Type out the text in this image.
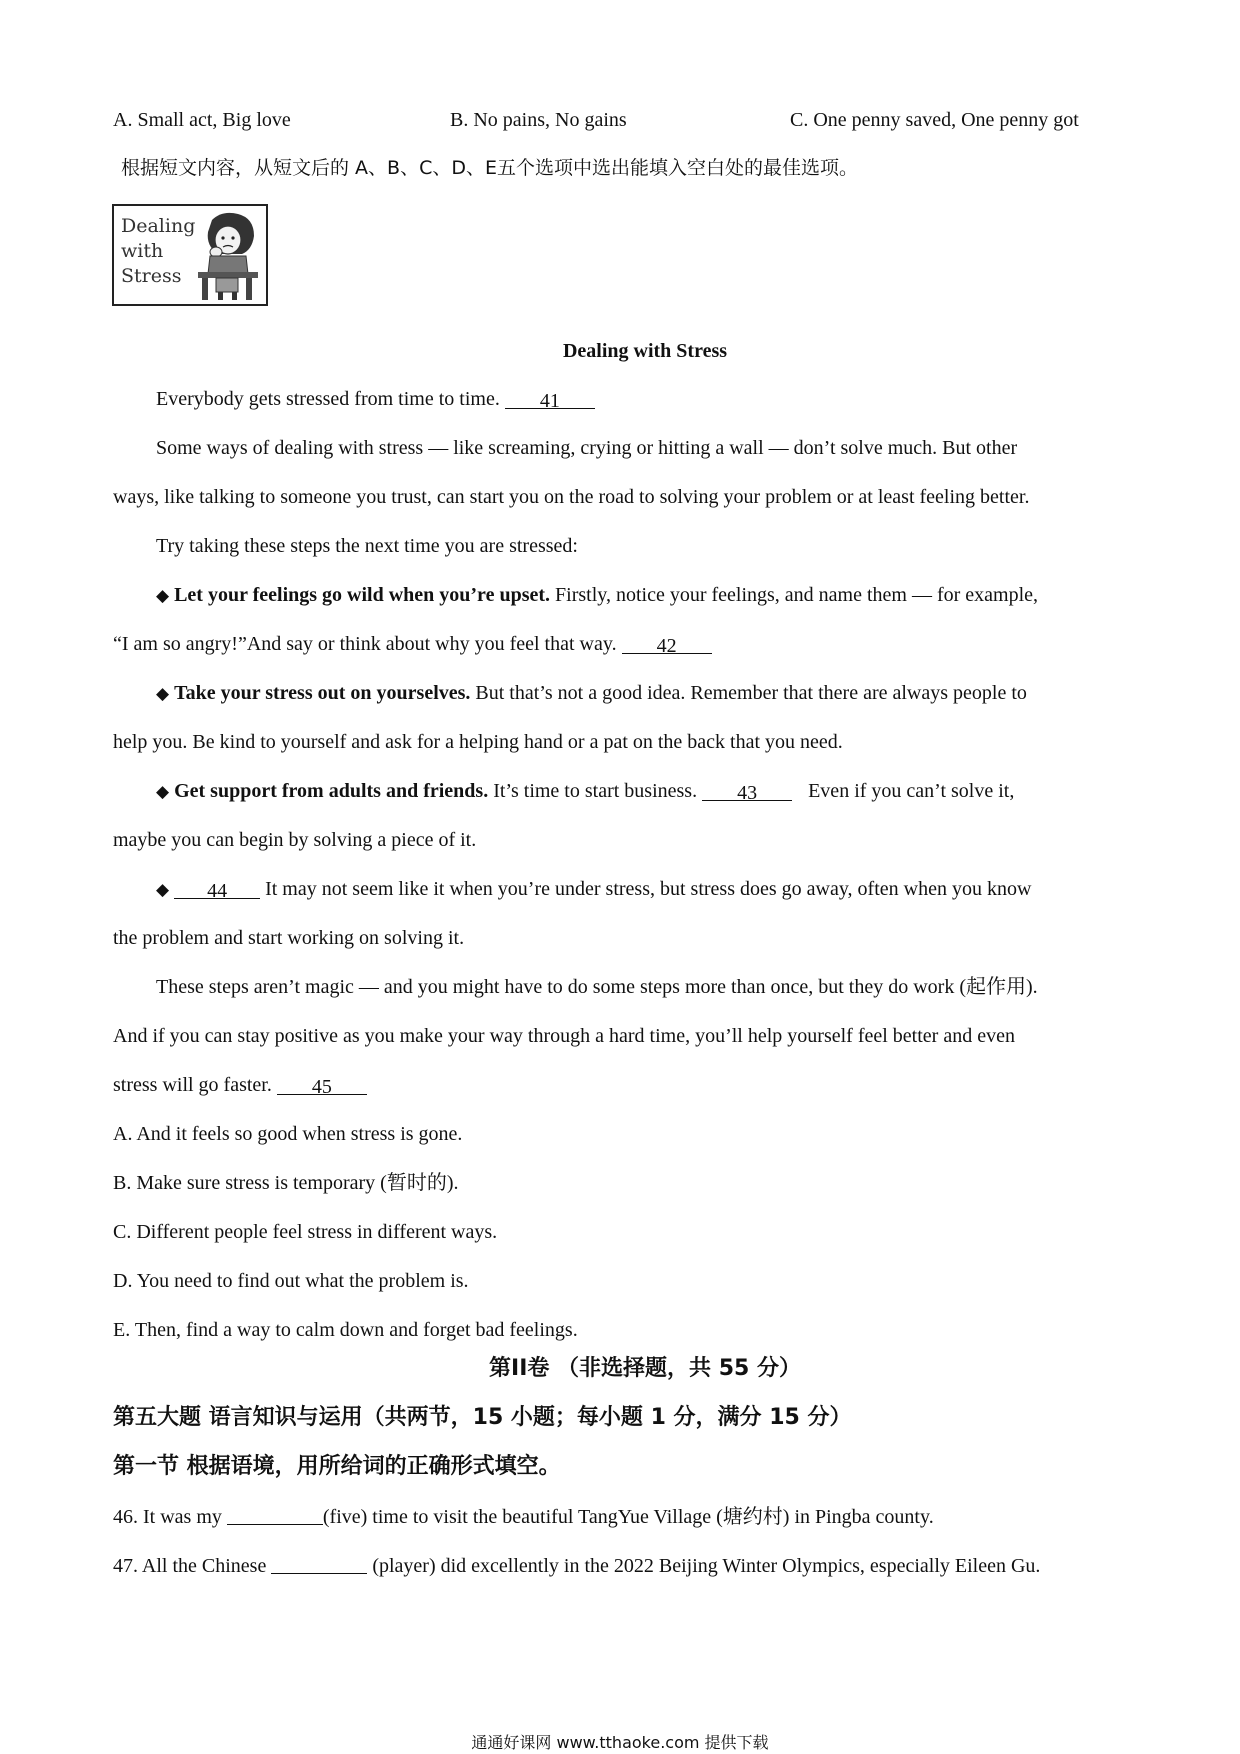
A. Small act, Big love	B. No pains, No gains	C. One penny saved, One penny got
根据短文内容，从短文后的 A、B、C、D、E五个选项中选出能填入空白处的最佳选项。
Dealing
with
Stress
Dealing with Stress
Everybody gets stressed from time to time. 41
Some ways of dealing with stress — like screaming, crying or hitting a wall — don’t solve much. But other
ways, like talking to someone you trust, can start you on the road to solving your problem or at least feeling better.
Try taking these steps the next time you are stressed:
◆ Let your feelings go wild when you’re upset. Firstly, notice your feelings, and name them — for example,
“I am so angry!”And say or think about why you feel that way. 42
◆ Take your stress out on yourselves. But that’s not a good idea. Remember that there are always people to
help you. Be kind to yourself and ask for a helping hand or a pat on the back that you need.
◆ Get support from adults and friends. It’s time to start business. 43	Even if you can’t solve it,
maybe you can begin by solving a piece of it.
◆ 44 It may not seem like it when you’re under stress, but stress does go away, often when you know
the problem and start working on solving it.
These steps aren’t magic — and you might have to do some steps more than once, but they do work (起作用).
And if you can stay positive as you make your way through a hard time, you’ll help yourself feel better and even
stress will go faster. 45
A. And it feels so good when stress is gone.
B. Make sure stress is temporary (暂时的).
C. Different people feel stress in different ways.
D. You need to find out what the problem is.
E. Then, find a way to calm down and forget bad feelings.
第II卷 （非选择题，共 55 分）
第五大题 语言知识与运用（共两节，15 小题；每小题 1 分，满分 15 分）
第一节 根据语境，用所给词的正确形式填空。
46. It was my	(five) time to visit the beautiful TangYue Village (塘约村) in Pingba county.
47. All the Chinese	(player) did excellently in the 2022 Beijing Winter Olympics, especially Eileen Gu.
通通好课网 www.tthaoke.com 提供下载
